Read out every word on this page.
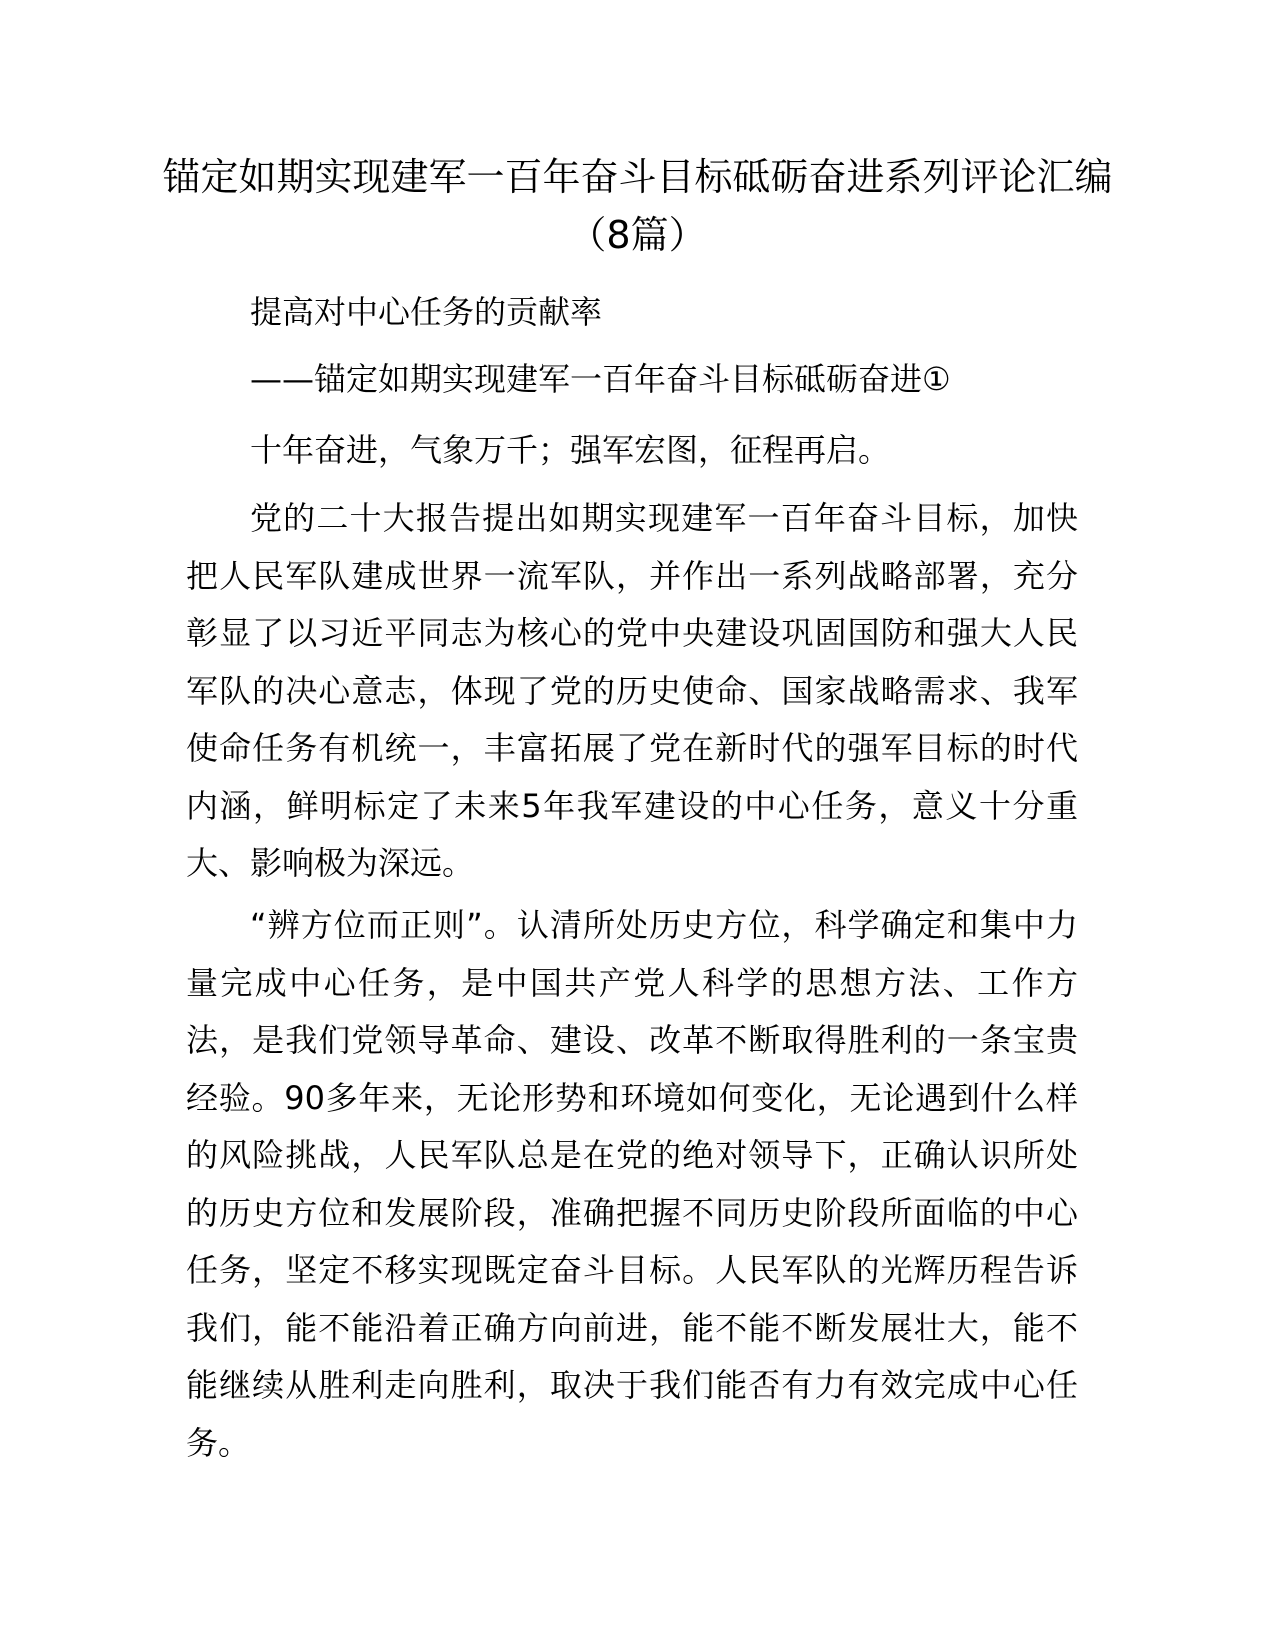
锚定如期实现建军一百年奋斗目标砥砺奋进系列评论汇编（8篇）

提高对中心任务的贡献率

——锚定如期实现建军一百年奋斗目标砥砺奋进①

十年奋进，气象万千；强军宏图，征程再启。

党的二十大报告提出如期实现建军一百年奋斗目标，加快把人民军队建成世界一流军队，并作出一系列战略部署，充分彰显了以习近平同志为核心的党中央建设巩固国防和强大人民军队的决心意志，体现了党的历史使命、国家战略需求、我军使命任务有机统一，丰富拓展了党在新时代的强军目标的时代内涵，鲜明标定了未来5年我军建设的中心任务，意义十分重大、影响极为深远。

“辨方位而正则”。认清所处历史方位，科学确定和集中力量完成中心任务，是中国共产党人科学的思想方法、工作方法，是我们党领导革命、建设、改革不断取得胜利的一条宝贵经验。90多年来，无论形势和环境如何变化，无论遇到什么样的风险挑战，人民军队总是在党的绝对领导下，正确认识所处的历史方位和发展阶段，准确把握不同历史阶段所面临的中心任务，坚定不移实现既定奋斗目标。人民军队的光辉历程告诉我们，能不能沿着正确方向前进，能不能不断发展壮大，能不能继续从胜利走向胜利，取决于我们能否有力有效完成中心任务。
